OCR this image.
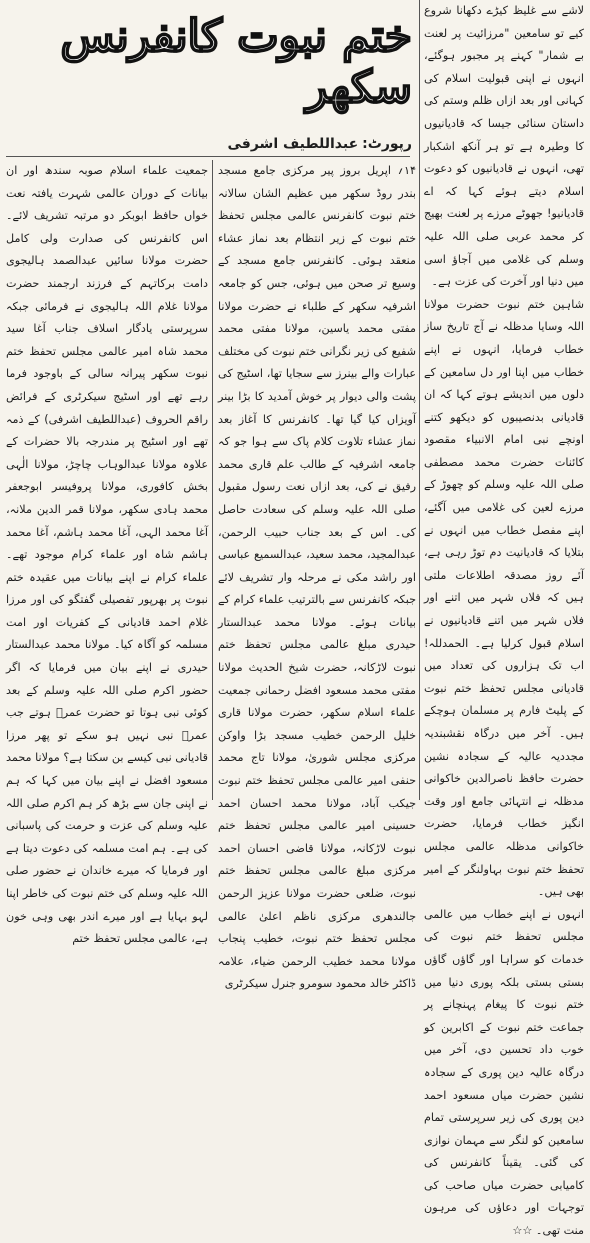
لاشے سے غلیظ کیڑے دکھانا شروع کیے تو سامعین "مرزائیت پر لعنت بے شمار" کہنے پر مجبور ہوگئے، انہوں نے اپنی قبولیت اسلام کی کہانی اور بعد ازاں ظلم وستم کی داستان سنائی جیسا کہ قادیانیوں کا وطیرہ ہے تو ہر آنکھ اشکبار تھی، انہوں نے قادیانیوں کو دعوت اسلام دیتے ہوئے کہا کہ اے قادیانیو! جھوٹے مرزے پر لعنت بھیج کر محمد عربی صلی اللہ علیہ وسلم کی غلامی میں آجاؤ اسی میں دنیا اور آخرت کی عزت ہے۔

شاہین ختم نبوت حضرت مولانا اللہ وسایا مدظلہ نے آج تاریخ ساز خطاب فرمایا، انہوں نے اپنے خطاب میں اپنا اور دل سامعین کے دلوں میں اندیشے ہوتے کہا کہ ان قادیانی بدنصیبوں کو دیکھو کتنے اونچے نبی امام الانبیاء مقصود کائنات حضرت محمد مصطفی صلی اللہ علیہ وسلم کو چھوڑ کے مرزے لعین کی غلامی میں آگئے، اپنے مفصل خطاب میں انہوں نے بتلایا کہ قادیانیت دم توڑ رہی ہے، آئے روز مصدقہ اطلاعات ملتی ہیں کہ فلاں شہر میں اتنے اور فلاں شہر میں اتنے قادیانیوں نے اسلام قبول کرلیا ہے۔ الحمدللہ! اب تک ہزاروں کی تعداد میں قادیانی مجلس تحفظ ختم نبوت کے پلیٹ فارم پر مسلمان ہوچکے ہیں۔ آخر میں درگاہ نقشبندیہ مجددیہ عالیہ کے سجادہ نشین حضرت حافظ ناصرالدین خاکوانی مدظلہ نے انتہائی جامع اور وقت انگیز خطاب فرمایا، حضرت خاکوانی مدظلہ عالمی مجلس تحفظ ختم نبوت بہاولنگر کے امیر بھی ہیں۔

انہوں نے اپنے خطاب میں عالمی مجلس تحفظ ختم نبوت کی خدمات کو سراہا اور گاؤں گاؤں بستی بستی بلکہ پوری دنیا میں ختم نبوت کا پیغام پہنچانے پر جماعت ختم نبوت کے اکابرین کو خوب داد تحسین دی، آخر میں درگاہ عالیہ دین پوری کے سجادہ نشین حضرت میاں مسعود احمد دین پوری کی زیر سرپرستی تمام سامعین کو لنگر سے مہمان نوازی کی گئی۔ یقیناً کانفرنس کی کامیابی حضرت میاں صاحب کی توجہات اور دعاؤں کی مرہون منت تھی۔ ☆☆

ختم نبوت کانفرنس سکھر
رپورٹ:
عبداللطیف اشرفی

۱۴؍ اپریل بروز پیر مرکزی جامع مسجد بندر روڈ سکھر میں عظیم الشان سالانہ ختم نبوت کانفرنس عالمی مجلس تحفظ ختم نبوت کے زیر انتظام بعد نماز عشاء منعقد ہوئی۔ کانفرنس جامع مسجد کے وسیع تر صحن میں ہوئی، جس کو جامعہ اشرفیہ سکھر کے طلباء نے حضرت مولانا مفتی محمد یاسین، مولانا مفتی محمد شفیع کی زیر نگرانی ختم نبوت کی مختلف عبارات والے بینرز سے سجایا تھا، اسٹیج کی پشت والی دیوار پر خوش آمدید کا بڑا بینر آویزاں کیا گیا تھا۔ کانفرنس کا آغاز بعد نماز عشاء تلاوت کلام پاک سے ہوا جو کہ جامعہ اشرفیہ کے طالب علم قاری محمد رفیق نے کی، بعد ازاں نعت رسول مقبول صلی اللہ علیہ وسلم کی سعادت حاصل کی۔ اس کے بعد جناب حبیب الرحمن، عبدالمجید، محمد سعید، عبدالسمیع عباسی اور راشد مکی نے مرحلہ وار تشریف لائے جبکہ کانفرنس سے بالترتیب علماء کرام کے بیانات ہوئے۔ مولانا محمد عبدالستار حیدری مبلغ عالمی مجلس تحفظ ختم نبوت لاڑکانہ، حضرت شیخ الحدیث مولانا مفتی محمد مسعود افضل رحمانی جمعیت علماء اسلام سکھر، حضرت مولانا قاری خلیل الرحمن خطیب مسجد بڑا واوکن مرکزی مجلس شوریٰ، مولانا تاج محمد حنفی امیر عالمی مجلس تحفظ ختم نبوت جیکب آباد، مولانا محمد احسان احمد حسینی امیر عالمی مجلس تحفظ ختم نبوت لاڑکانہ، مولانا قاضی احسان احمد مرکزی مبلغ عالمی مجلس تحفظ ختم نبوت، ضلعی حضرت مولانا عزیز الرحمن جالندھری مرکزی ناظم اعلیٰ عالمی مجلس تحفظ ختم نبوت، خطیب پنجاب مولانا محمد خطیب الرحمن ضیاء، علامہ ڈاکٹر خالد محمود سومرو جنرل سیکرٹری

جمعیت علماء اسلام صوبہ سندھ اور ان بیانات کے دوران عالمی شہرت یافتہ نعت خواں حافظ ابوبکر دو مرتبہ تشریف لائے۔ اس کانفرنس کی صدارت ولی کامل حضرت مولانا سائیں عبدالصمد ہالیجوی دامت برکاتہم کے فرزند ارجمند حضرت مولانا غلام اللہ ہالیجوی نے فرمائی جبکہ سرپرستی یادگار اسلاف جناب آغا سید محمد شاہ امیر عالمی مجلس تحفظ ختم نبوت سکھر پیرانہ سالی کے باوجود فرما رہے تھے اور اسٹیج سیکرٹری کے فرائض راقم الحروف (عبداللطیف اشرفی) کے ذمہ تھے اور اسٹیج پر مندرجہ بالا حضرات کے علاوہ مولانا عبدالوہاب چاچڑ، مولانا الٰہی بخش کافوری، مولانا پروفیسر ابوجعفر محمد ہادی سکھر، مولانا قمر الدین ملانہ، آغا محمد الہی، آغا محمد ہاشم، آغا محمد ہاشم شاہ اور علماء کرام موجود تھے۔ علماء کرام نے اپنے بیانات میں عقیدہ ختم نبوت پر بھرپور تفصیلی گفتگو کی اور مرزا غلام احمد قادیانی کے کفریات اور امت مسلمہ کو آگاہ کیا۔ مولانا محمد عبدالستار حیدری نے اپنے بیان میں فرمایا کہ اگر حضور اکرم صلی اللہ علیہ وسلم کے بعد کوئی نبی ہوتا تو حضرت عمرؓ ہوتے جب عمرؓ نبی نہیں ہو سکے تو پھر مرزا قادیانی نبی کیسے بن سکتا ہے؟ مولانا محمد مسعود افضل نے اپنے بیان میں کہا کہ ہم نے اپنی جان سے بڑھ کر ہم اکرم صلی اللہ علیہ وسلم کی عزت و حرمت کی پاسبانی کی ہے۔ ہم امت مسلمہ کی دعوت دیتا ہے اور فرمایا کہ میرے خاندان نے حضور صلی اللہ علیہ وسلم کی ختم نبوت کی خاطر اپنا لہو بہایا ہے اور میرے اندر بھی وہی خون ہے، عالمی مجلس تحفظ ختم
